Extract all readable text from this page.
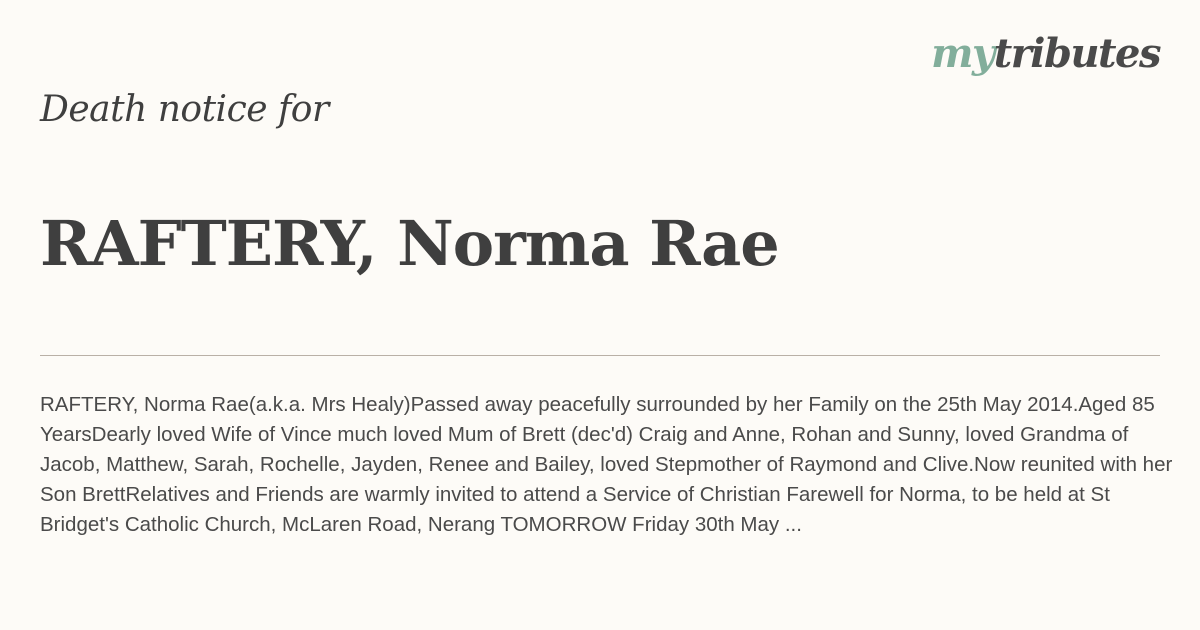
mytributes
Death notice for
RAFTERY, Norma Rae
RAFTERY, Norma Rae(a.k.a. Mrs Healy)Passed away peacefully surrounded by her Family on the 25th May 2014.Aged 85 YearsDearly loved Wife of Vince much loved Mum of Brett (dec'd) Craig and Anne, Rohan and Sunny, loved Grandma of Jacob, Matthew, Sarah, Rochelle, Jayden, Renee and Bailey, loved Stepmother of Raymond and Clive.Now reunited with her Son BrettRelatives and Friends are warmly invited to attend a Service of Christian Farewell for Norma, to be held at St Bridget's Catholic Church, McLaren Road, Nerang TOMORROW Friday 30th May ...
